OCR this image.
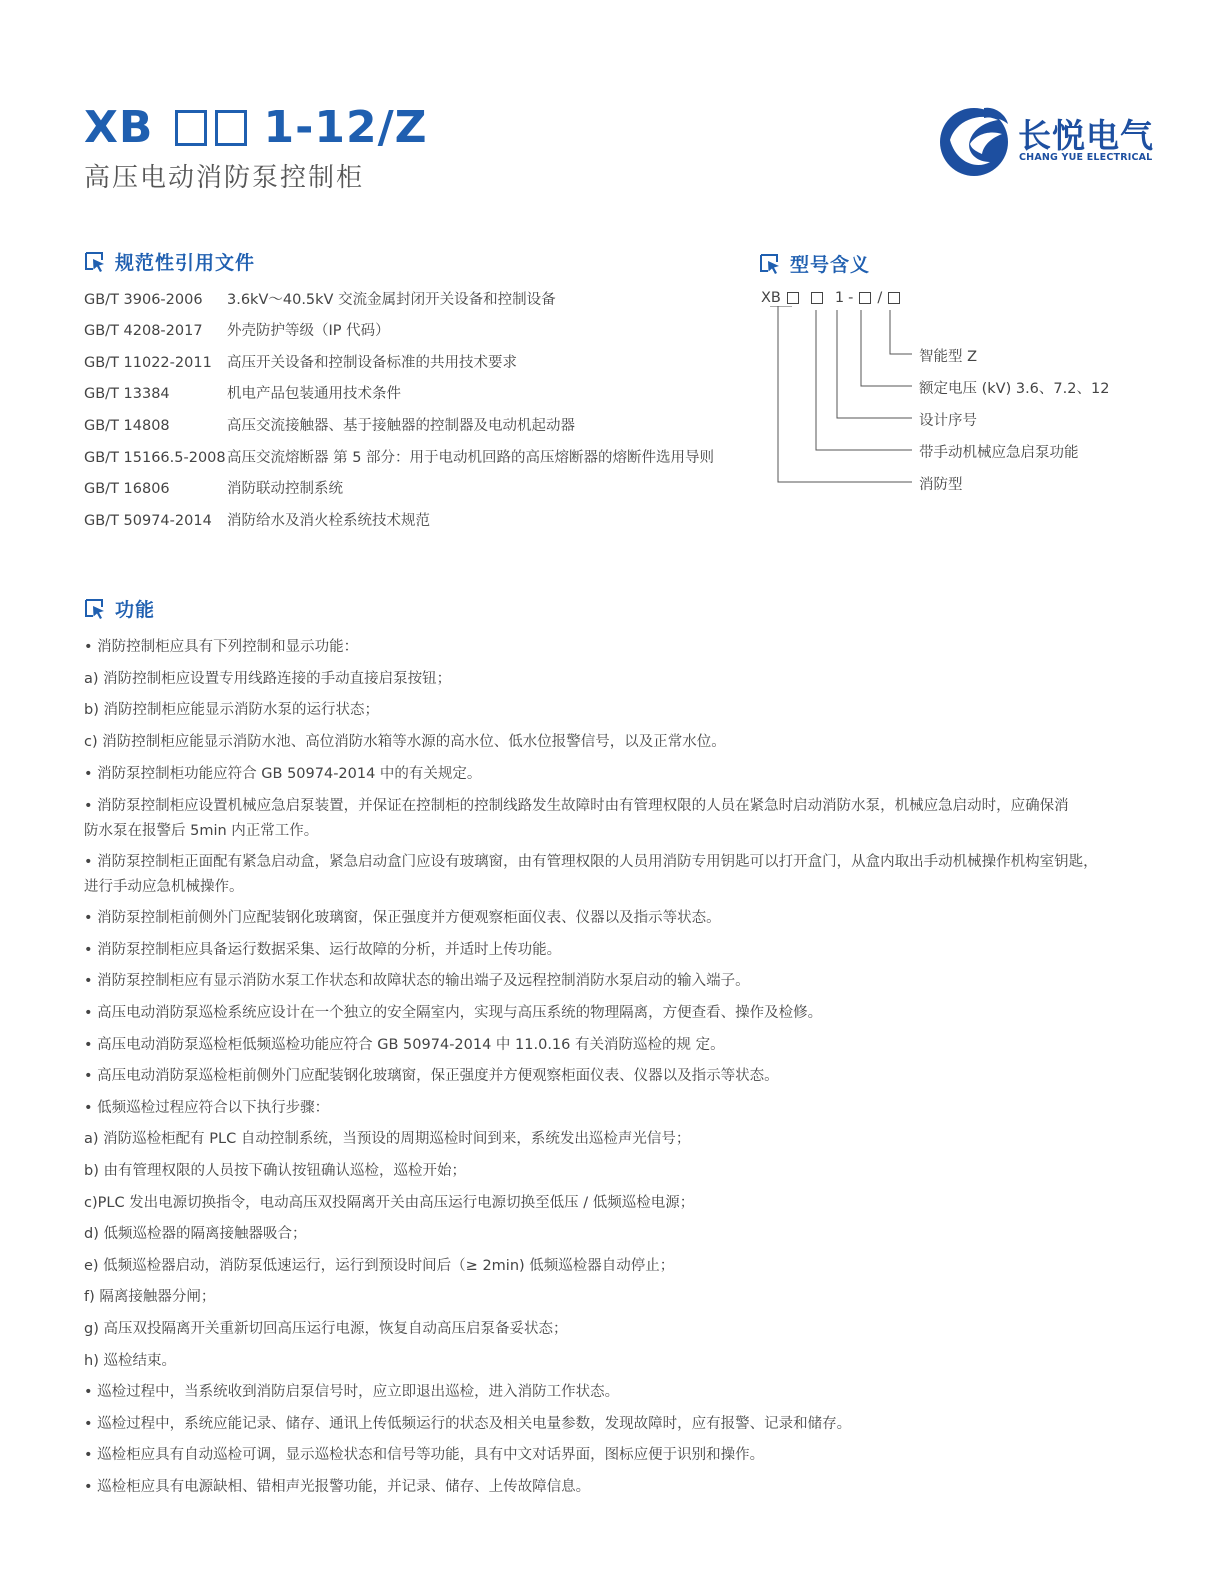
XB	1-12/Z
高压电动消防泵控制柜
长悦电气
CHANG YUE ELECTRICAL
规范性引用文件
GB/T 3906-2006	3.6kV～40.5kV 交流金属封闭开关设备和控制设备
GB/T 4208-2017	外壳防护等级（IP 代码）
GB/T 11022-2011	高压开关设备和控制设备标准的共用技术要求
GB/T 13384	机电产品包装通用技术条件
GB/T 14808	高压交流接触器、基于接触器的控制器及电动机起动器
GB/T 15166.5-2008 高压交流熔断器 第 5 部分：用于电动机回路的高压熔断器的熔断件选用导则
GB/T 16806	消防联动控制系统
GB/T 50974-2014	消防给水及消火栓系统技术规范
型号含义
XB	1 - /
智能型 Z
额定电压 (kV) 3.6、7.2、12
设计序号
带手动机械应急启泵功能
消防型
功能
• 消防控制柜应具有下列控制和显示功能：
a) 消防控制柜应设置专用线路连接的手动直接启泵按钮；
b) 消防控制柜应能显示消防水泵的运行状态；
c) 消防控制柜应能显示消防水池、高位消防水箱等水源的高水位、低水位报警信号，以及正常水位。
• 消防泵控制柜功能应符合 GB 50974-2014 中的有关规定。
• 消防泵控制柜应设置机械应急启泵装置，并保证在控制柜的控制线路发生故障时由有管理权限的人员在紧急时启动消防水泵，机械应急启动时，应确保消
防水泵在报警后 5min 内正常工作。
• 消防泵控制柜正面配有紧急启动盒，紧急启动盒门应设有玻璃窗，由有管理权限的人员用消防专用钥匙可以打开盒门，从盒内取出手动机械操作机构室钥匙，
进行手动应急机械操作。
• 消防泵控制柜前侧外门应配装钢化玻璃窗，保正强度并方便观察柜面仪表、仪器以及指示等状态。
• 消防泵控制柜应具备运行数据采集、运行故障的分析，并适时上传功能。
• 消防泵控制柜应有显示消防水泵工作状态和故障状态的输出端子及远程控制消防水泵启动的输入端子。
• 高压电动消防泵巡检系统应设计在一个独立的安全隔室内，实现与高压系统的物理隔离，方便查看、操作及检修。
• 高压电动消防泵巡检柜低频巡检功能应符合 GB 50974-2014 中 11.0.16 有关消防巡检的规 定。
• 高压电动消防泵巡检柜前侧外门应配装钢化玻璃窗，保正强度并方便观察柜面仪表、仪器以及指示等状态。
• 低频巡检过程应符合以下执行步骤：
a) 消防巡检柜配有 PLC 自动控制系统，当预设的周期巡检时间到来，系统发出巡检声光信号；
b) 由有管理权限的人员按下确认按钮确认巡检，巡检开始；
c)PLC 发出电源切换指令，电动高压双投隔离开关由高压运行电源切换至低压 / 低频巡检电源；
d) 低频巡检器的隔离接触器吸合；
e) 低频巡检器启动，消防泵低速运行，运行到预设时间后（≥ 2min) 低频巡检器自动停止；
f) 隔离接触器分闸；
g) 高压双投隔离开关重新切回高压运行电源，恢复自动高压启泵备妥状态；
h) 巡检结束。
• 巡检过程中，当系统收到消防启泵信号时，应立即退出巡检，进入消防工作状态。
• 巡检过程中，系统应能记录、储存、通讯上传低频运行的状态及相关电量参数，发现故障时，应有报警、记录和储存。
• 巡检柜应具有自动巡检可调，显示巡检状态和信号等功能，具有中文对话界面，图标应便于识别和操作。
• 巡检柜应具有电源缺相、错相声光报警功能，并记录、储存、上传故障信息。
